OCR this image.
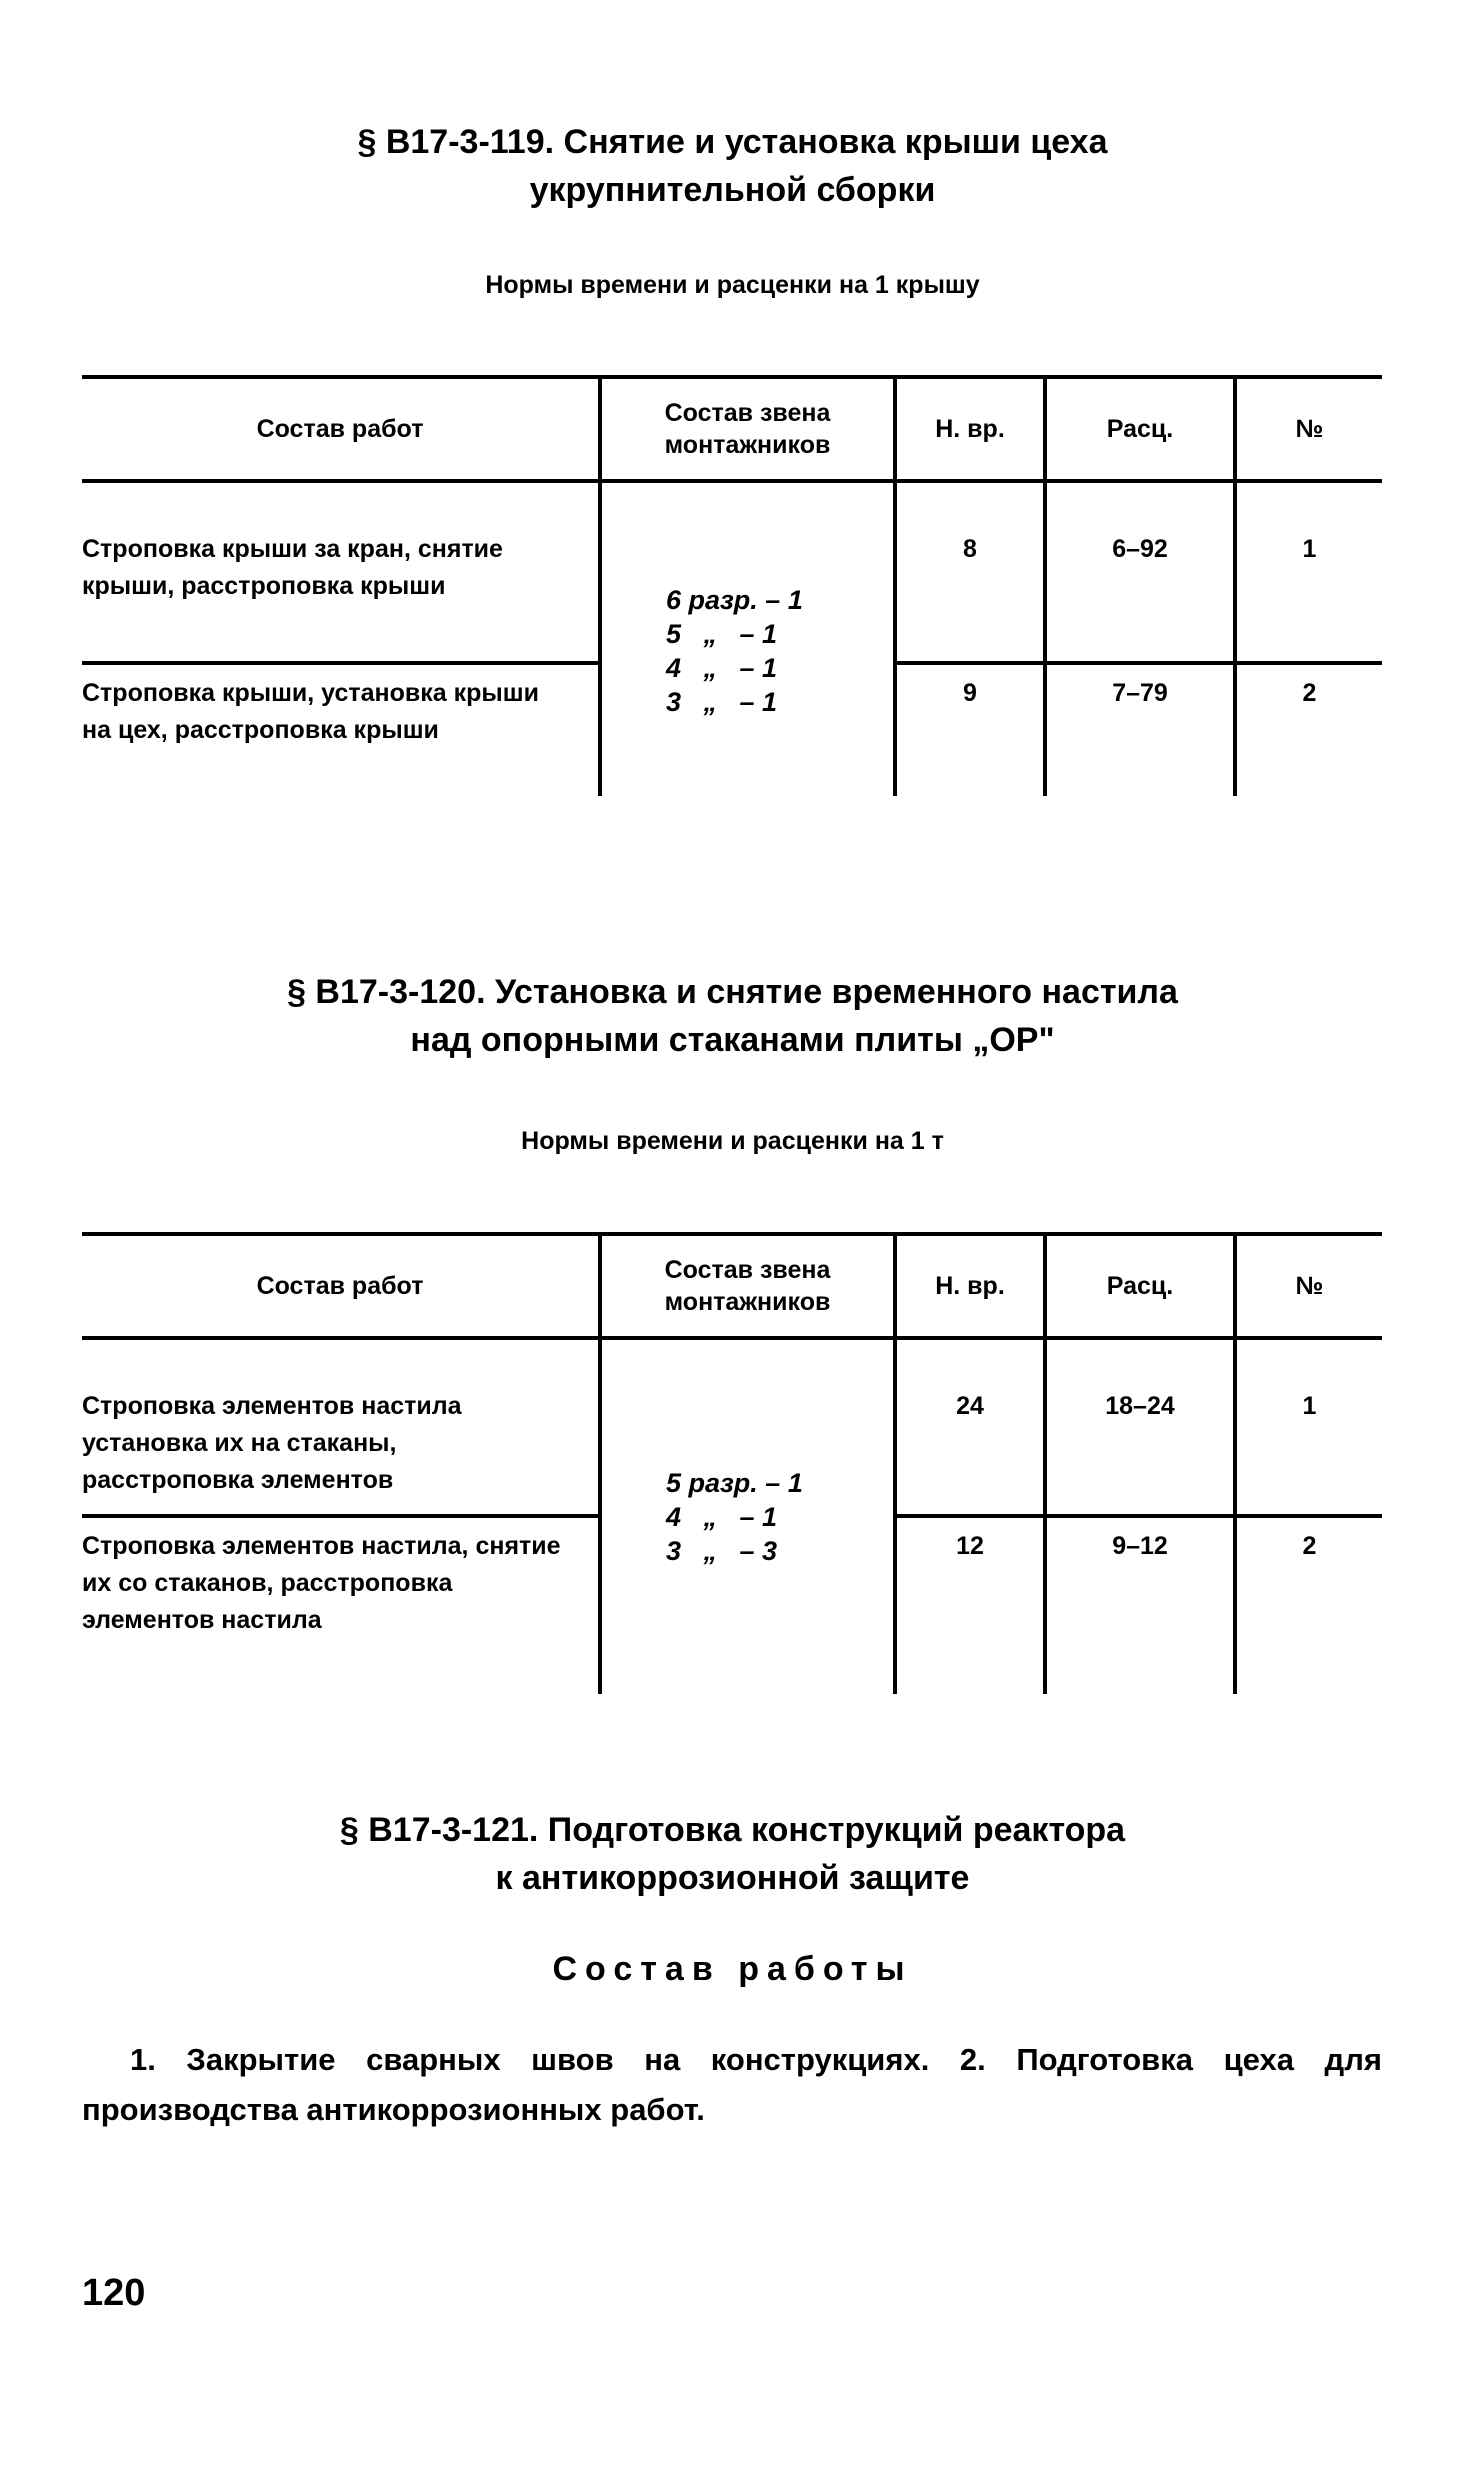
§ В17-3-119. Снятие и установка крыши цеха
укрупнительной сборки
Нормы времени и расценки на 1 крышу
Состав работ	Состав звена монтажников	Н. вр.	Расц.	№
Строповка крыши за кран, снятие крыши, расстроповка крыши	6 разр. – 1
5   „   – 1
4   „   – 1
3   „   – 1	8	6–92	1
Строповка крыши, установка крыши на цех, расстроповка крыши		9	7–79	2
§ В17-3-120. Установка и снятие временного настила
над опорными стаканами плиты „ОР"
Нормы времени и расценки на 1 т
Состав работ	Состав звена монтажников	Н. вр.	Расц.	№
Строповка элементов настила установка их на стаканы, расстроповка элементов	5 разр. – 1
4   „   – 1
3   „   – 3	24	18–24	1
Строповка элементов настила, снятие их со стаканов, расстроповка элементов настила		12	9–12	2
§ В17-3-121. Подготовка конструкций реактора
к антикоррозионной защите
Состав работы
1. Закрытие сварных швов на конструкциях. 2. Подготовка цеха для производства антикоррозионных работ.
120
